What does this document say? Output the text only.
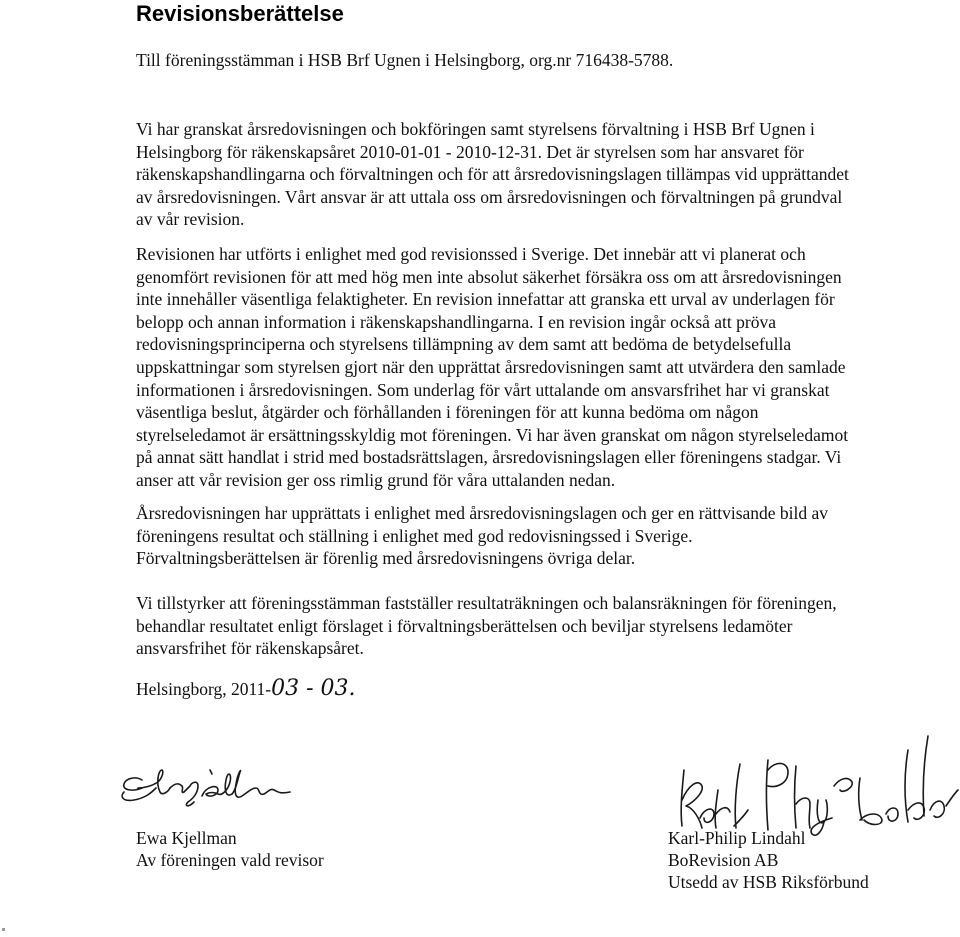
Revisionsberättelse

Till föreningsstämman i HSB Brf Ugnen i Helsingborg, org.nr 716438-5788.

Vi har granskat årsredovisningen och bokföringen samt styrelsens förvaltning i HSB Brf Ugnen i
Helsingborg för räkenskapsåret 2010-01-01 - 2010-12-31. Det är styrelsen som har ansvaret för
räkenskapshandlingarna och förvaltningen och för att årsredovisningslagen tillämpas vid upprättandet
av årsredovisningen. Vårt ansvar är att uttala oss om årsredovisningen och förvaltningen på grundval
av vår revision.
Revisionen har utförts i enlighet med god revisionssed i Sverige. Det innebär att vi planerat och
genomfört revisionen för att med hög men inte absolut säkerhet försäkra oss om att årsredovisningen
inte innehåller väsentliga felaktigheter. En revision innefattar att granska ett urval av underlagen för
belopp och annan information i räkenskapshandlingarna. I en revision ingår också att pröva
redovisningsprinciperna och styrelsens tillämpning av dem samt att bedöma de betydelsefulla
uppskattningar som styrelsen gjort när den upprättat årsredovisningen samt att utvärdera den samlade
informationen i årsredovisningen. Som underlag för vårt uttalande om ansvarsfrihet har vi granskat
väsentliga beslut, åtgärder och förhållanden i föreningen för att kunna bedöma om någon
styrelseledamot är ersättningsskyldig mot föreningen. Vi har även granskat om någon styrelseledamot
på annat sätt handlat i strid med bostadsrättslagen, årsredovisningslagen eller föreningens stadgar. Vi
anser att vår revision ger oss rimlig grund för våra uttalanden nedan.
Årsredovisningen har upprättats i enlighet med årsredovisningslagen och ger en rättvisande bild av
föreningens resultat och ställning i enlighet med god redovisningssed i Sverige.
Förvaltningsberättelsen är förenlig med årsredovisningens övriga delar.
Vi tillstyrker att föreningsstämman fastställer resultaträkningen och balansräkningen för föreningen,
behandlar resultatet enligt förslaget i förvaltningsberättelsen och beviljar styrelsens ledamöter
ansvarsfrihet för räkenskapsåret.
Helsingborg, 2011-03 - 03.
Ewa Kjellman
Av föreningen vald revisor
Karl-Philip Lindahl
BoRevision AB
Utsedd av HSB Riksförbund
